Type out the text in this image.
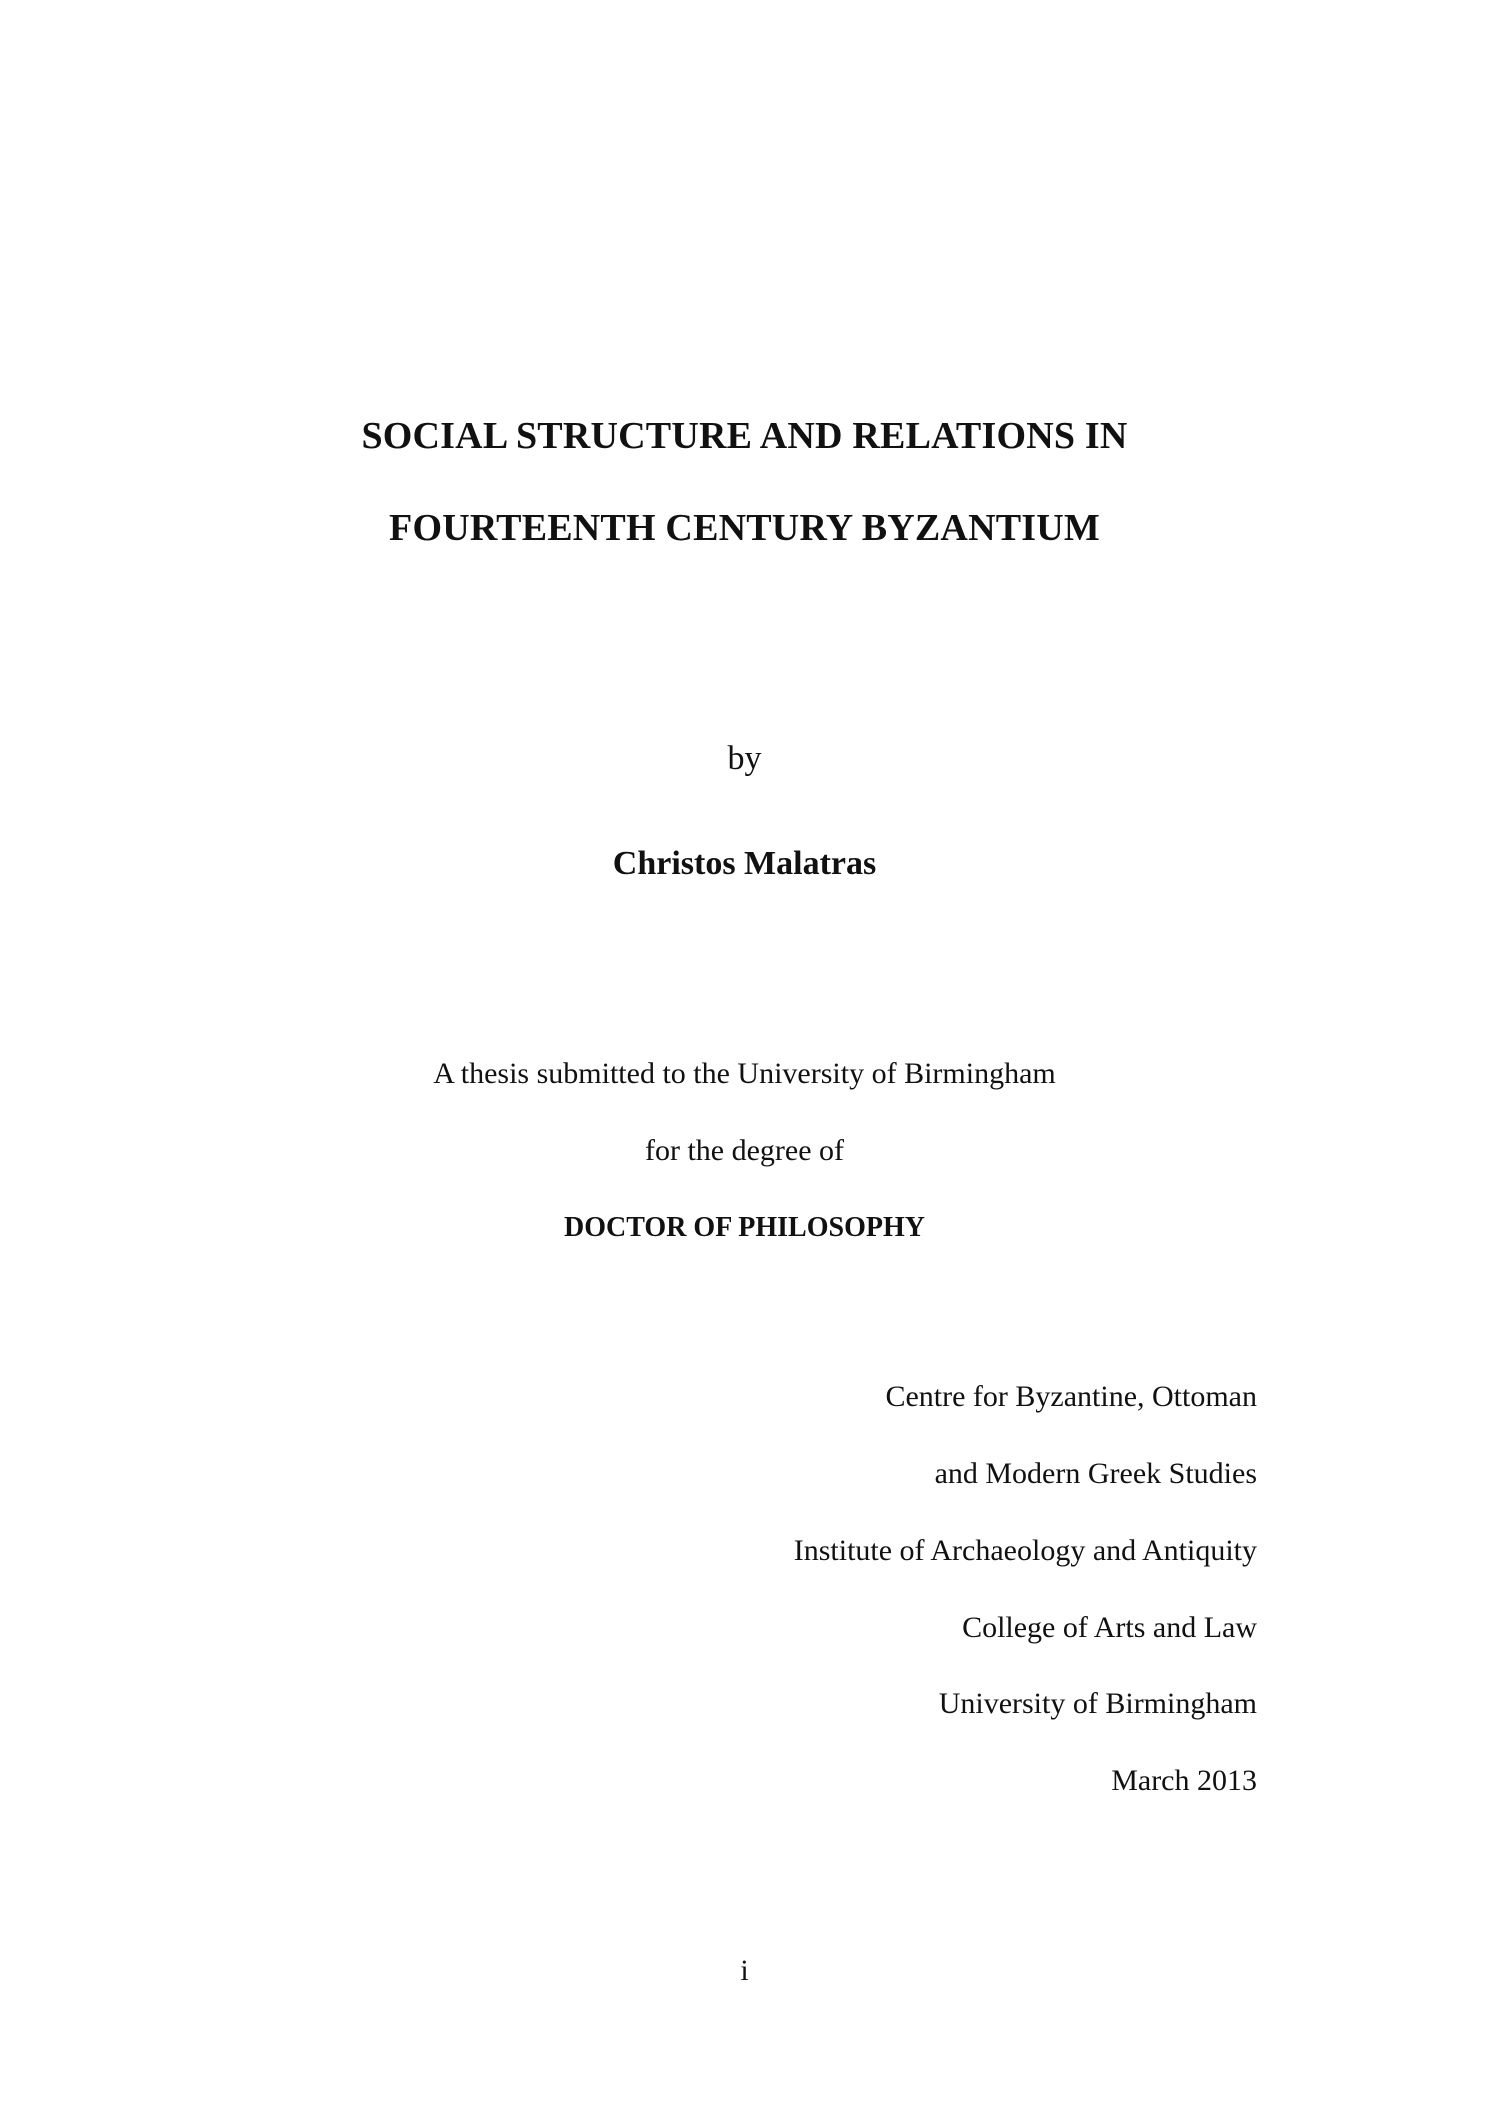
SOCIAL STRUCTURE AND RELATIONS IN
FOURTEENTH CENTURY BYZANTIUM
by
Christos Malatras
A thesis submitted to the University of Birmingham
for the degree of
DOCTOR OF PHILOSOPHY
Centre for Byzantine, Ottoman
and Modern Greek Studies
Institute of Archaeology and Antiquity
College of Arts and Law
University of Birmingham
March 2013
i
